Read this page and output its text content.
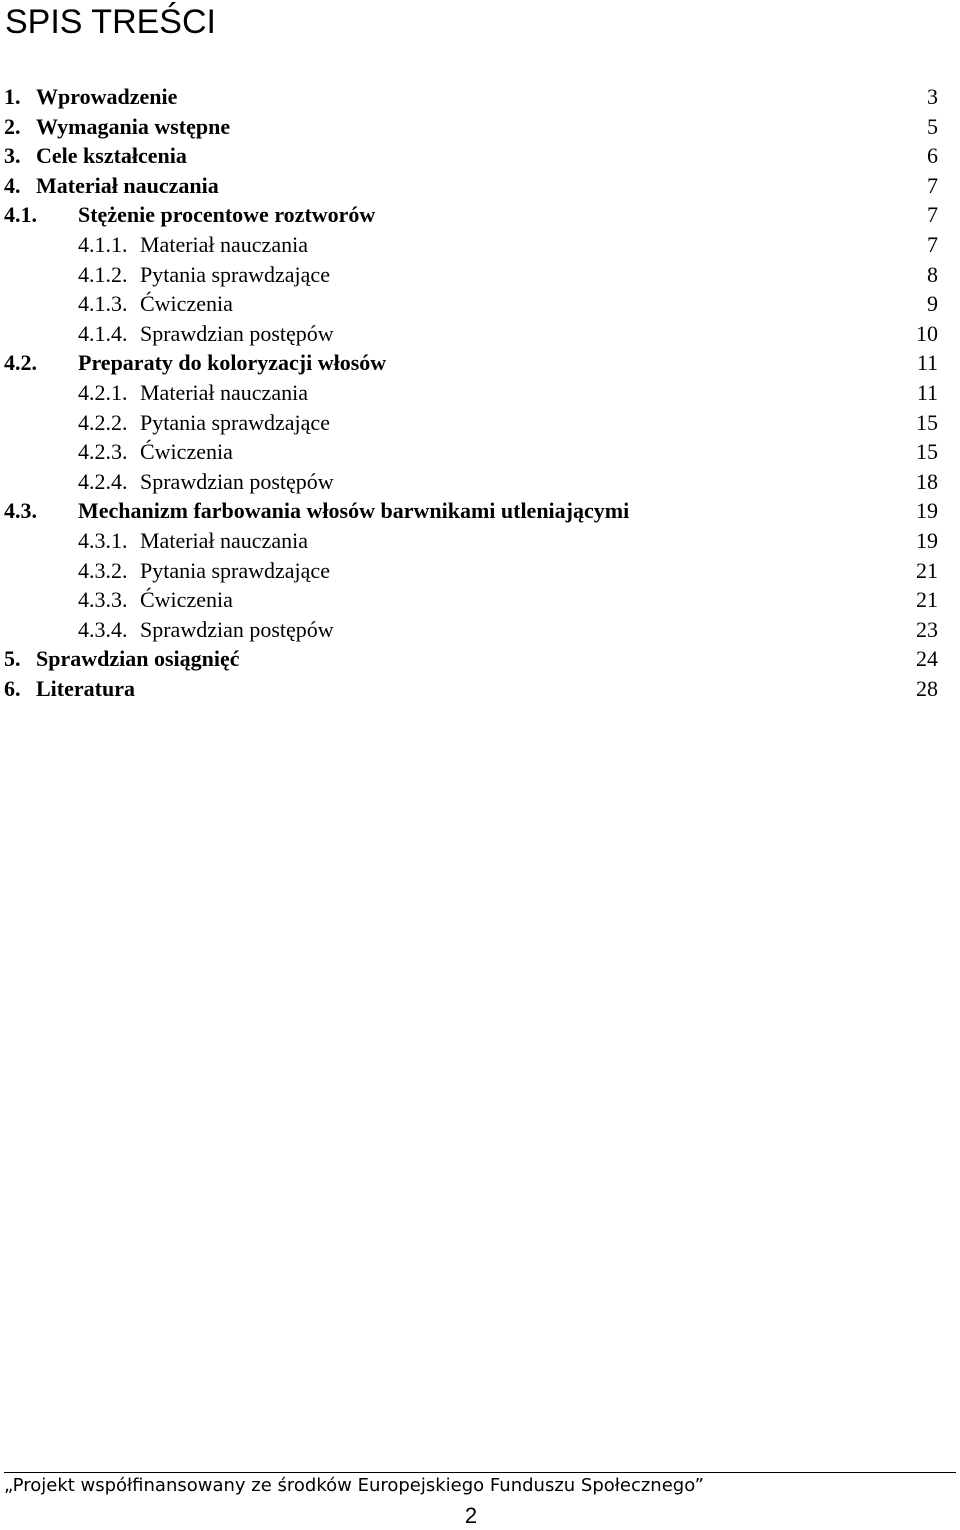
SPIS TREŚCI
1. Wprowadzenie	3
2. Wymagania wstępne	5
3. Cele kształcenia	6
4. Materiał nauczania	7
4.1. Stężenie procentowe roztworów	7
4.1.1. Materiał nauczania	7
4.1.2. Pytania sprawdzające	8
4.1.3. Ćwiczenia	9
4.1.4. Sprawdzian postępów	10
4.2. Preparaty do koloryzacji włosów	11
4.2.1. Materiał nauczania	11
4.2.2. Pytania sprawdzające	15
4.2.3. Ćwiczenia	15
4.2.4. Sprawdzian postępów	18
4.3. Mechanizm farbowania włosów barwnikami utleniającymi	19
4.3.1. Materiał nauczania	19
4.3.2. Pytania sprawdzające	21
4.3.3. Ćwiczenia	21
4.3.4. Sprawdzian postępów	23
5. Sprawdzian osiągnięć	24
6. Literatura	28
„Projekt współfinansowany ze środków Europejskiego Funduszu Społecznego”
2
